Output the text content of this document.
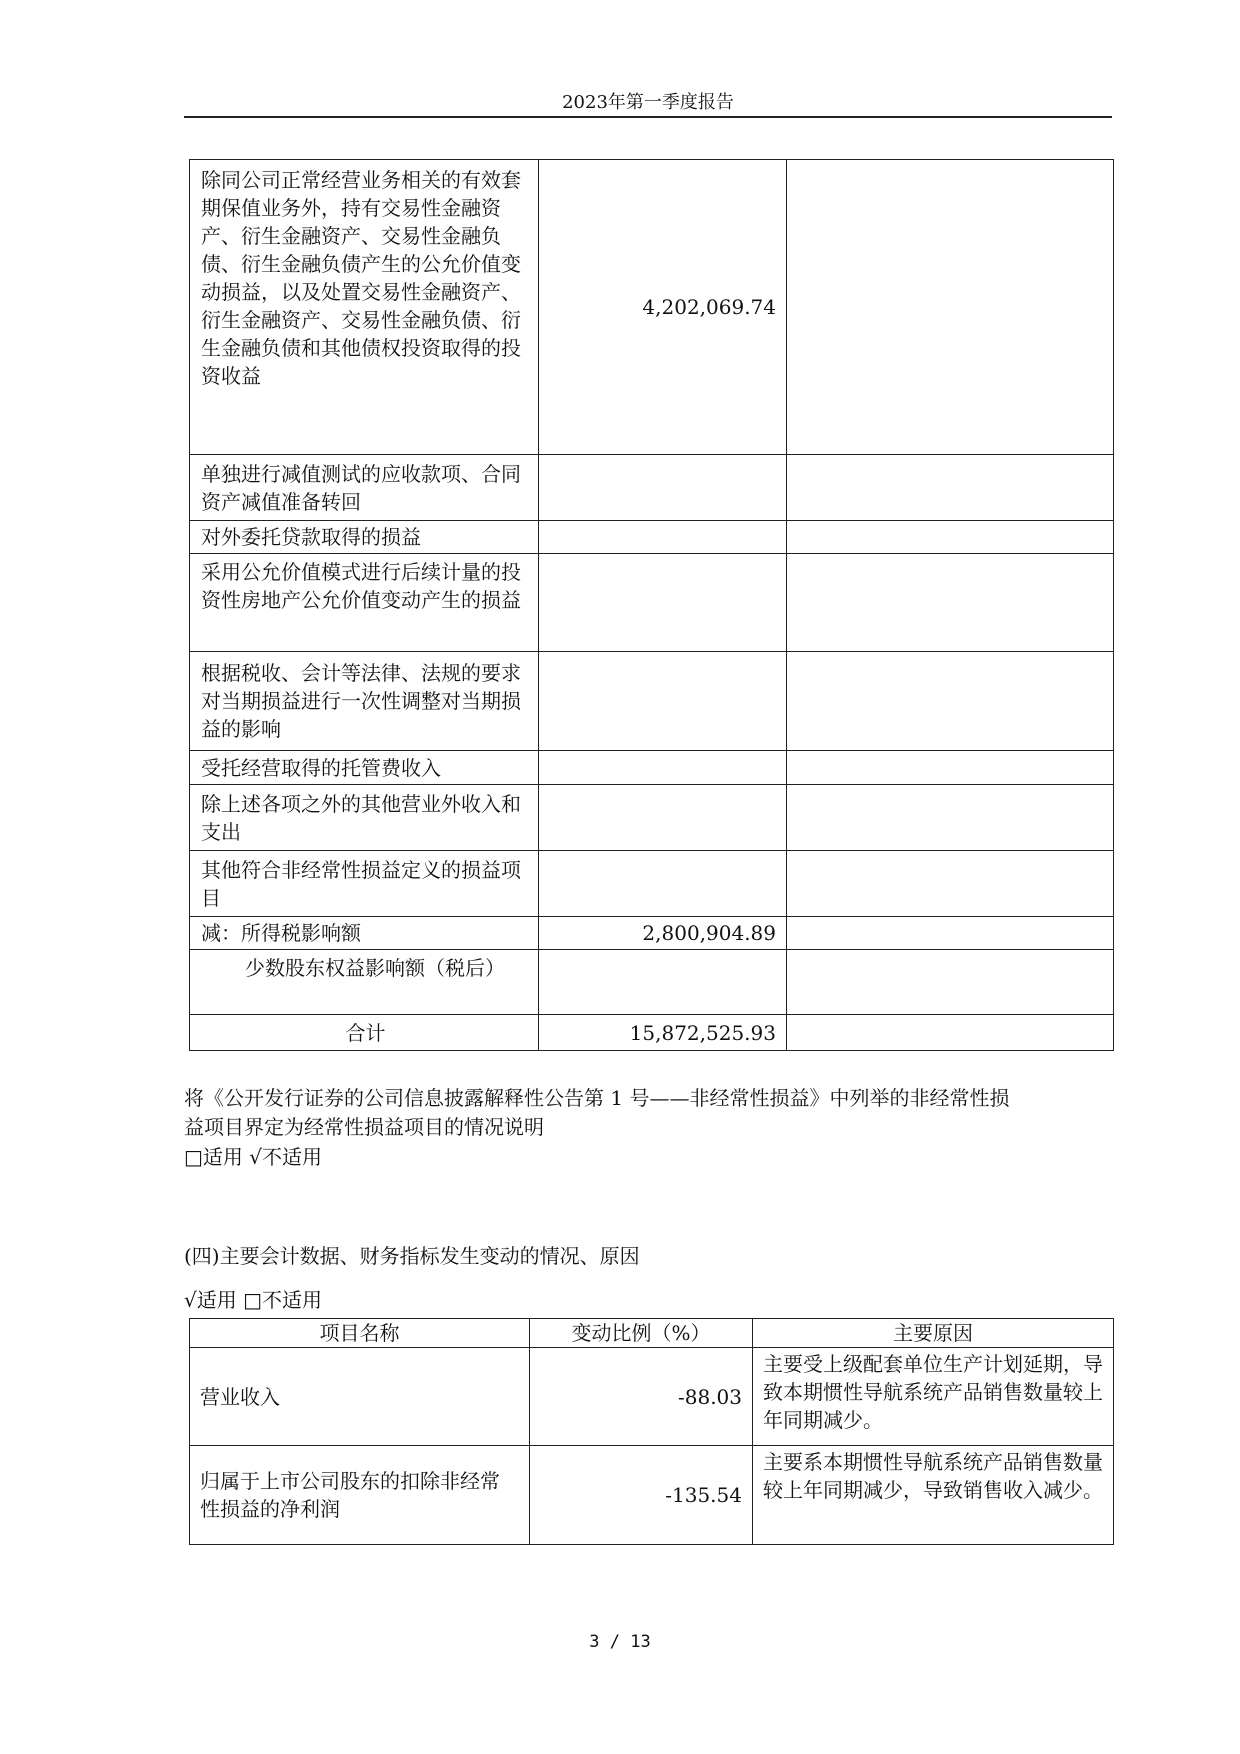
2023年第一季度报告
除同公司正常经营业务相关的有效套期保值业务外，持有交易性金融资产、衍生金融资产、交易性金融负债、衍生金融负债产生的公允价值变动损益，以及处置交易性金融资产、衍生金融资产、交易性金融负债、衍生金融负债和其他债权投资取得的投资收益	4,202,069.74	
单独进行减值测试的应收款项、合同资产减值准备转回		
对外委托贷款取得的损益		
采用公允价值模式进行后续计量的投资性房地产公允价值变动产生的损益		
根据税收、会计等法律、法规的要求对当期损益进行一次性调整对当期损益的影响		
受托经营取得的托管费收入		
除上述各项之外的其他营业外收入和支出		
其他符合非经常性损益定义的损益项目		
减：所得税影响额	2,800,904.89	
少数股东权益影响额（税后）		
合计	15,872,525.93	

将《公开发行证券的公司信息披露解释性公告第 1 号——非经常性损益》中列举的非经常性损

益项目界定为经常性损益项目的情况说明

□适用 √不适用

(四)主要会计数据、财务指标发生变动的情况、原因

√适用 □不适用

项目名称	变动比例（%）	主要原因
营业收入	-88.03	主要受上级配套单位生产计划延期，导致本期惯性导航系统产品销售数量较上年同期减少。
归属于上市公司股东的扣除非经常性损益的净利润	-135.54	主要系本期惯性导航系统产品销售数量较上年同期减少，导致销售收入减少。
3 / 13
